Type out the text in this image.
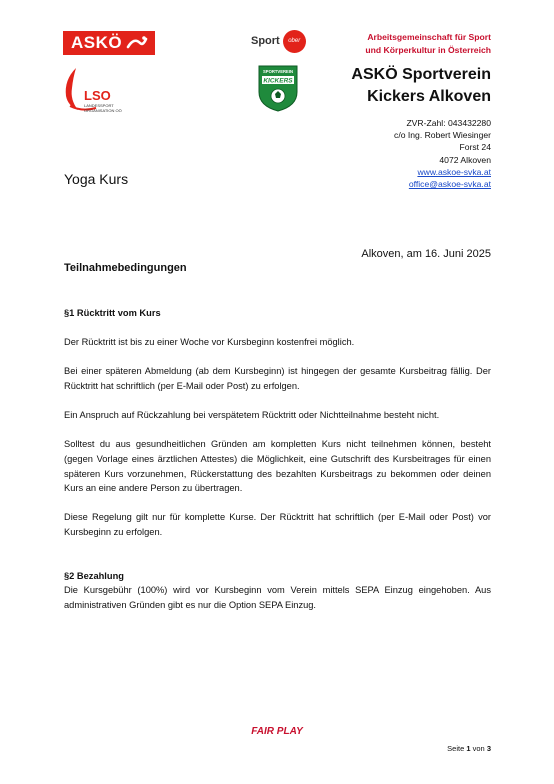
ASKÖ	Sport	ober	Arbeitsgemeinschaft für Sport
und Körperkultur in Österreich
LSO
LANDESSPORT
ORGANISATION OÖ
SPORTVEREIN
KICKERS	ASKÖ Sportverein
Kickers Alkoven
ZVR-Zahl: 043432280
c/o Ing. Robert Wiesinger
Forst 24
4072 Alkoven
www.askoe-svka.at
office@askoe-svka.at
Yoga Kurs
Alkoven, am 16. Juni 2025
Teilnahmebedingungen
§1 Rücktritt vom Kurs

Der Rücktritt ist bis zu einer Woche vor Kursbeginn kostenfrei möglich.

Bei einer späteren Abmeldung (ab dem Kursbeginn) ist hingegen der gesamte Kursbeitrag fällig. Der Rücktritt hat schriftlich (per E-Mail oder Post) zu erfolgen.

Ein Anspruch auf Rückzahlung bei verspätetem Rücktritt oder Nichtteilnahme besteht nicht.

Solltest du aus gesundheitlichen Gründen am kompletten Kurs nicht teilnehmen können, besteht (gegen Vorlage eines ärztlichen Attestes) die Möglichkeit, eine Gutschrift des Kursbeitrages für einen späteren Kurs vorzunehmen, Rückerstattung des bezahlten Kursbeitrags zu bekommen oder deinen Kurs an eine andere Person zu übertragen.

Diese Regelung gilt nur für komplette Kurse. Der Rücktritt hat schriftlich (per E-Mail oder Post) vor Kursbeginn zu erfolgen.

§2 Bezahlung

Die Kursgebühr (100%) wird vor Kursbeginn vom Verein mittels SEPA Einzug eingehoben. Aus administrativen Gründen gibt es nur die Option SEPA Einzug.

FAIR PLAY
Seite 1 von 3
